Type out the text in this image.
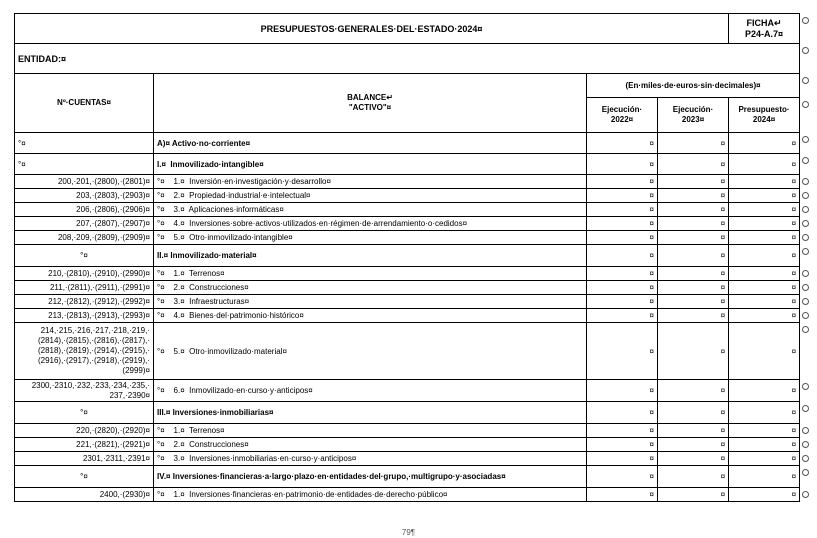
PRESUPUESTOS·GENERALES·DEL·ESTADO·2024¤				FICHA↵
P24-A.7¤
ENTIDAD:¤				
Nº·CUENTAS¤	BALANCE↵
"ACTIVO"¤	(En·miles·de·euros·sin·decimales)¤		
		Ejecución·
2022¤	Ejecución·
2023¤	Presupuesto·
2024¤
°¤	A)¤ Activo·no·corriente¤	¤	¤	¤
°¤	I.¤  Inmovilizado·intangible¤	¤	¤	¤
200,·201,·(2800),·(2801)¤	°¤    1.¤  Inversión·en·investigación·y·desarrollo¤	¤	¤	¤
203,·(2803),·(2903)¤	°¤    2.¤  Propiedad·industrial·e·intelectual¤	¤	¤	¤
206,·(2806),·(2906)¤	°¤    3.¤  Aplicaciones·informáticas¤	¤	¤	¤
207,·(2807),·(2907)¤	°¤    4.¤  Inversiones·sobre·activos·utilizados·en·régimen·de·arrendamiento·o·cedidos¤	¤	¤	¤
208,·209,·(2809),·(2909)¤	°¤    5.¤  Otro·inmovilizado·intangible¤	¤	¤	¤
°¤	II.¤ Inmovilizado·material¤	¤	¤	¤
210,·(2810),·(2910),·(2990)¤	°¤    1.¤  Terrenos¤	¤	¤	¤
211,·(2811),·(2911),·(2991)¤	°¤    2.¤  Construcciones¤	¤	¤	¤
212,·(2812),·(2912),·(2992)¤	°¤    3.¤  Infraestructuras¤	¤	¤	¤
213,·(2813),·(2913),·(2993)¤	°¤    4.¤  Bienes·del·patrimonio·histórico¤	¤	¤	¤
214,·215,·216,·217,·218,·219,· (2814),·(2815),·(2816),·(2817),· (2818),·(2819),·(2914),·(2915),· (2916),·(2917),·(2918),·(2919),· (2999)¤	°¤    5.¤  Otro·inmovilizado·material¤	¤	¤	¤
2300,·2310,·232,·233,·234,·235,· 237,·2390¤	°¤    6.¤  Inmovilizado·en·curso·y·anticipos¤	¤	¤	¤
°¤	III.¤ Inversiones·inmobiliarias¤	¤	¤	¤
220,·(2820),·(2920)¤	°¤    1.¤  Terrenos¤	¤	¤	¤
221,·(2821),·(2921)¤	°¤    2.¤  Construcciones¤	¤	¤	¤
2301,·2311,·2391¤	°¤    3.¤  Inversiones·inmobiliarias·en·curso·y·anticipos¤	¤	¤	¤
°¤	IV.¤ Inversiones·financieras·a·largo·plazo·en·entidades·del·grupo,·multigrupo·y·asociadas¤	¤	¤	¤
2400,·(2930)¤	°¤    1.¤  Inversiones·financieras·en·patrimonio·de·entidades·de·derecho·público¤	¤	¤	¤
79¶
